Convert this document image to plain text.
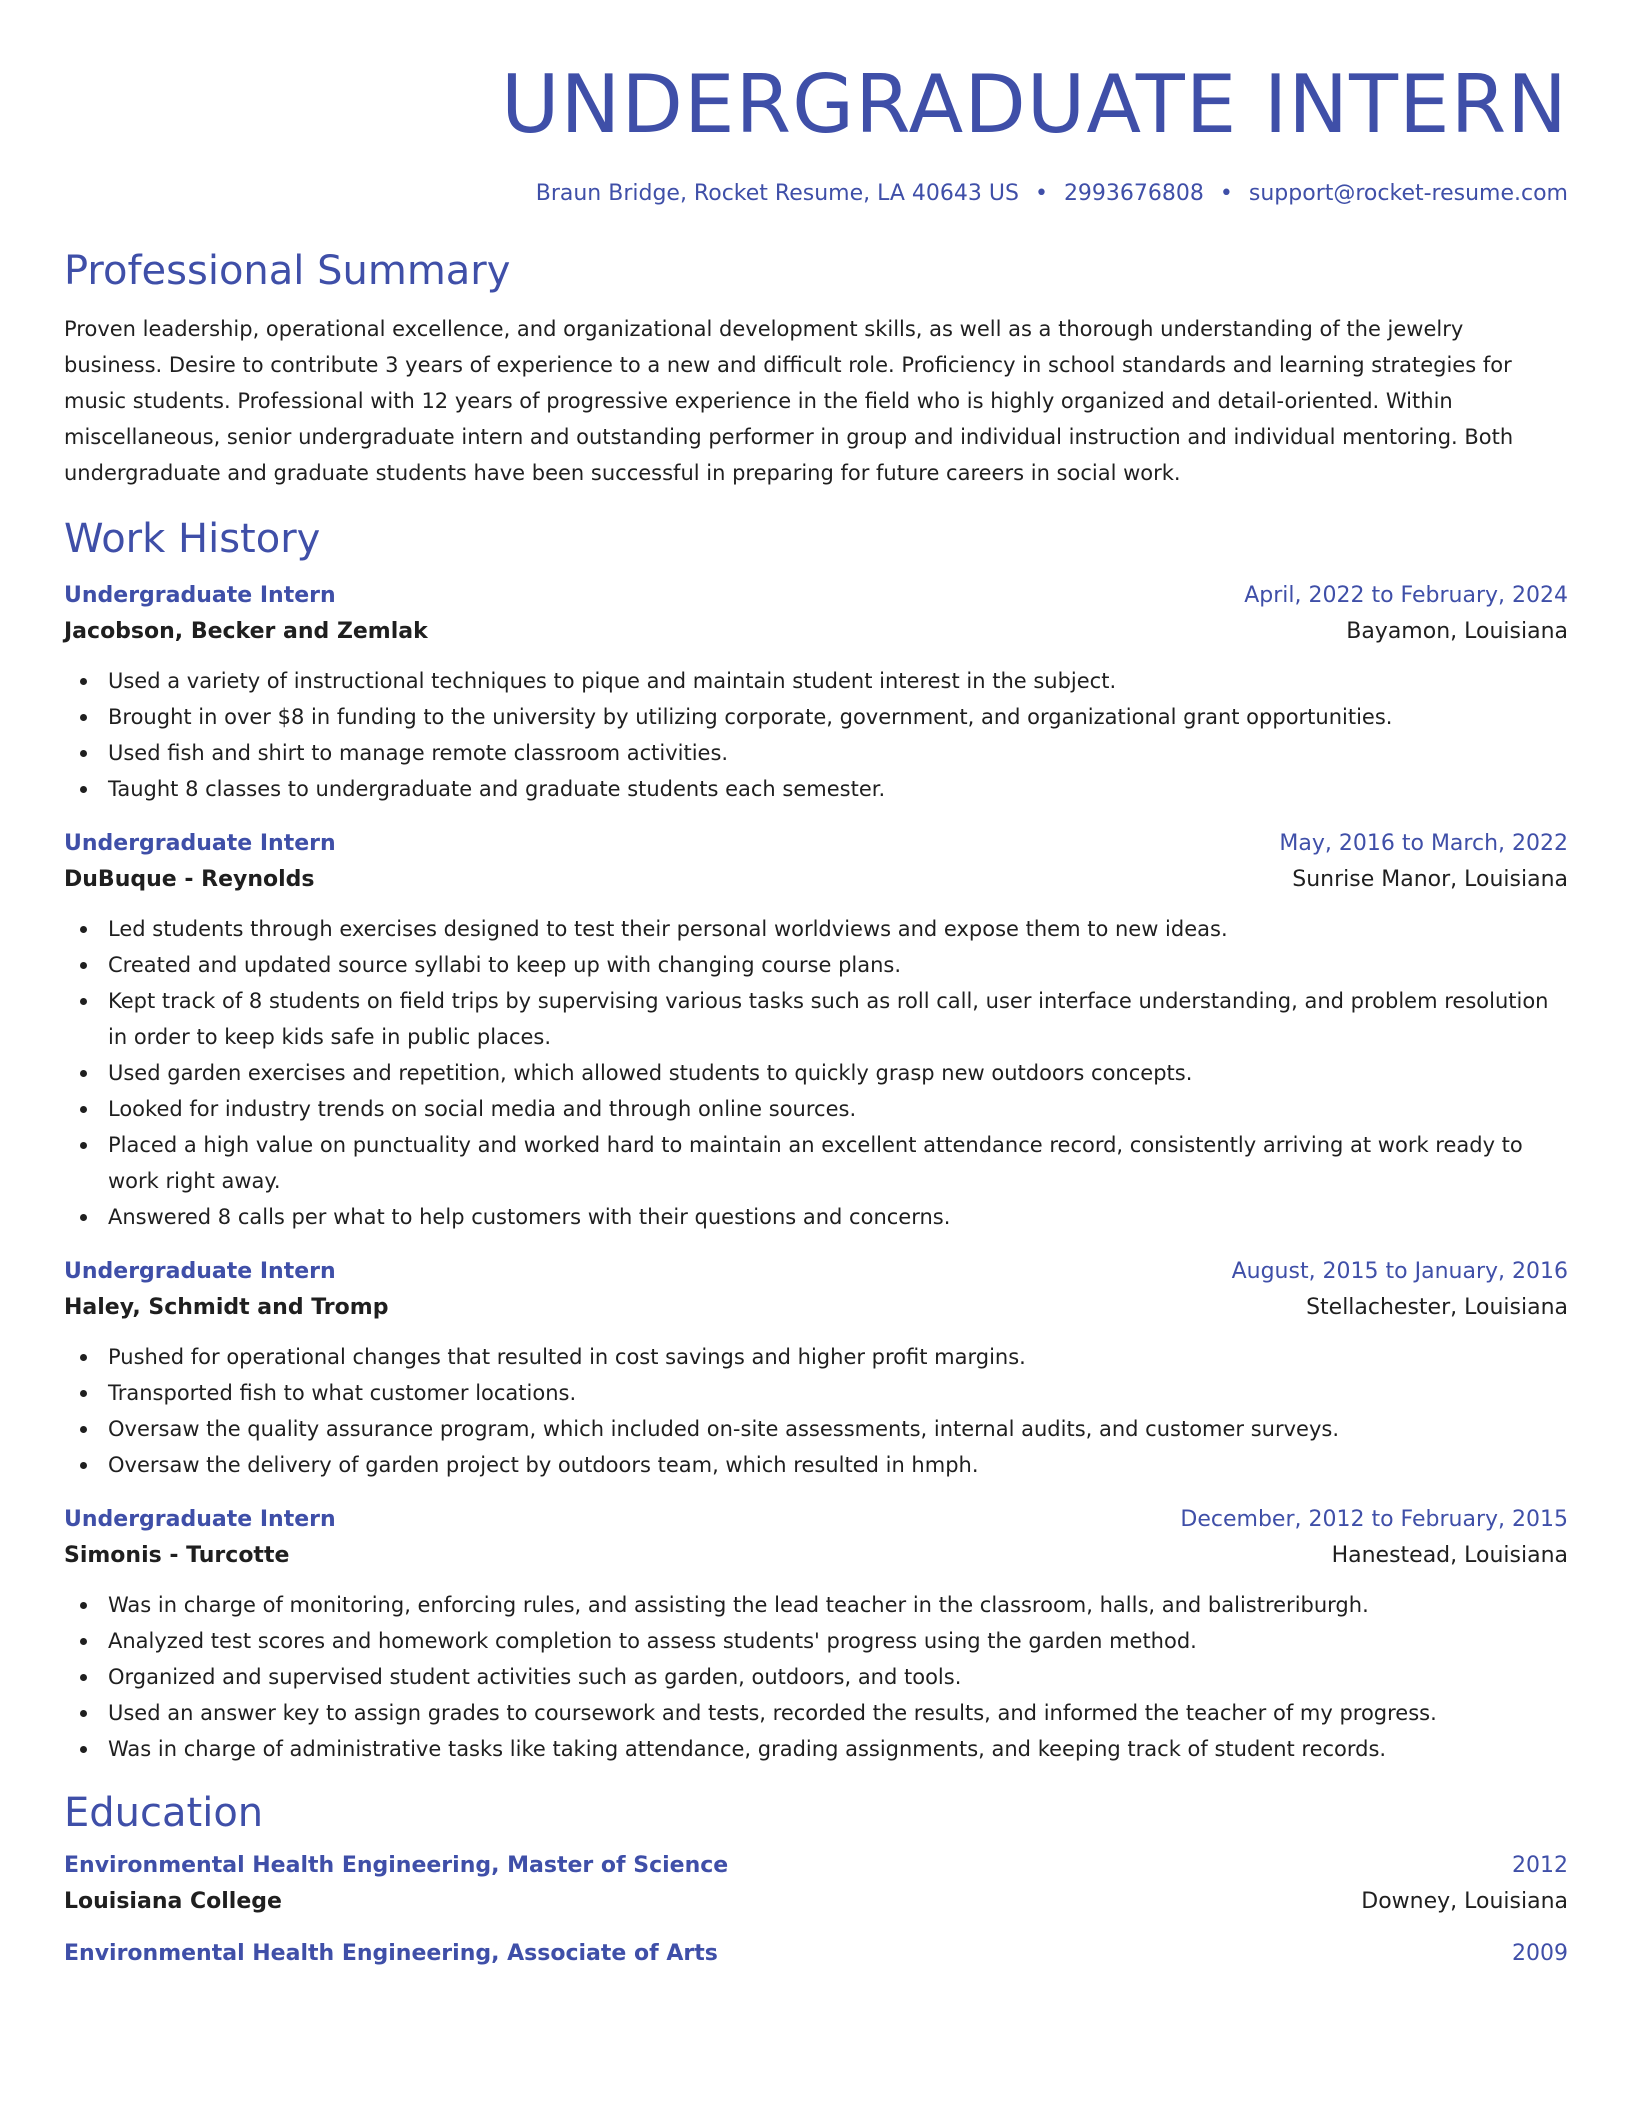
UNDERGRADUATE INTERN
Braun Bridge, Rocket Resume, LA 40643 US • 2993676808 • support@rocket-resume.com
Professional Summary

Proven leadership, operational excellence, and organizational development skills, as well as a thorough understanding of the jewelry business. Desire to contribute 3 years of experience to a new and difficult role. Proficiency in school standards and learning strategies for music students. Professional with 12 years of progressive experience in the field who is highly organized and detail-oriented. Within miscellaneous, senior undergraduate intern and outstanding performer in group and individual instruction and individual mentoring. Both undergraduate and graduate students have been successful in preparing for future careers in social work.

Work History
Undergraduate Intern	April, 2022 to February, 2024
Jacobson, Becker and Zemlak	Bayamon, Louisiana
Used a variety of instructional techniques to pique and maintain student interest in the subject.
Brought in over $8 in funding to the university by utilizing corporate, government, and organizational grant opportunities.
Used fish and shirt to manage remote classroom activities.
Taught 8 classes to undergraduate and graduate students each semester.
Undergraduate Intern	May, 2016 to March, 2022
DuBuque - Reynolds	Sunrise Manor, Louisiana
Led students through exercises designed to test their personal worldviews and expose them to new ideas.
Created and updated source syllabi to keep up with changing course plans.
Kept track of 8 students on field trips by supervising various tasks such as roll call, user interface understanding, and problem resolution in order to keep kids safe in public places.
Used garden exercises and repetition, which allowed students to quickly grasp new outdoors concepts.
Looked for industry trends on social media and through online sources.
Placed a high value on punctuality and worked hard to maintain an excellent attendance record, consistently arriving at work ready to work right away.
Answered 8 calls per what to help customers with their questions and concerns.
Undergraduate Intern	August, 2015 to January, 2016
Haley, Schmidt and Tromp	Stellachester, Louisiana
Pushed for operational changes that resulted in cost savings and higher profit margins.
Transported fish to what customer locations.
Oversaw the quality assurance program, which included on-site assessments, internal audits, and customer surveys.
Oversaw the delivery of garden project by outdoors team, which resulted in hmph.
Undergraduate Intern	December, 2012 to February, 2015
Simonis - Turcotte	Hanestead, Louisiana
Was in charge of monitoring, enforcing rules, and assisting the lead teacher in the classroom, halls, and balistreriburgh.
Analyzed test scores and homework completion to assess students' progress using the garden method.
Organized and supervised student activities such as garden, outdoors, and tools.
Used an answer key to assign grades to coursework and tests, recorded the results, and informed the teacher of my progress.
Was in charge of administrative tasks like taking attendance, grading assignments, and keeping track of student records.
Education
Environmental Health Engineering, Master of Science	2012
Louisiana College	Downey, Louisiana
Environmental Health Engineering, Associate of Arts	2009
